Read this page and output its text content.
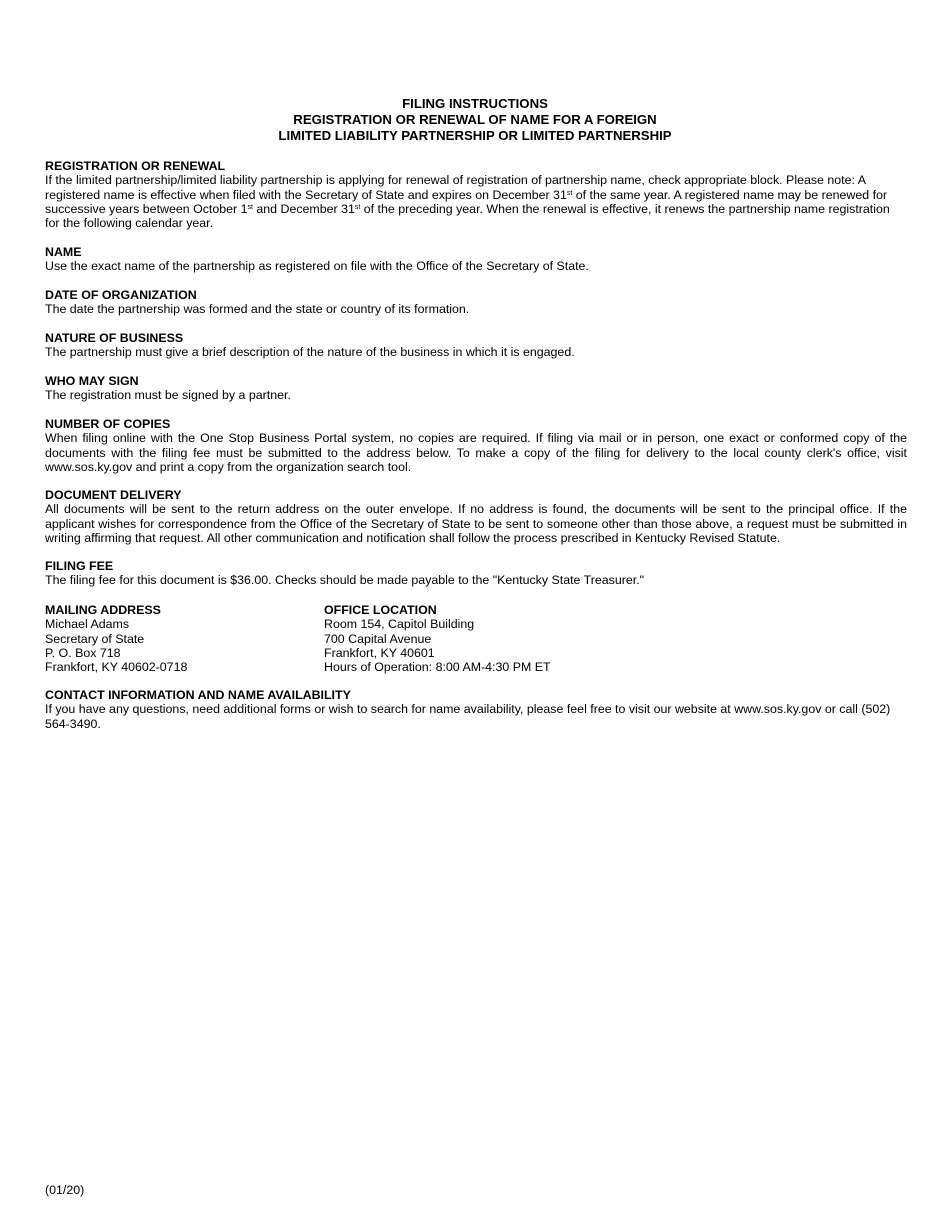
FILING INSTRUCTIONS
REGISTRATION OR RENEWAL OF NAME FOR A FOREIGN
LIMITED LIABILITY PARTNERSHIP OR LIMITED PARTNERSHIP
REGISTRATION OR RENEWAL
If the limited partnership/limited liability partnership is applying for renewal of registration of partnership name, check appropriate block. Please note: A registered name is effective when filed with the Secretary of State and expires on December 31st of the same year. A registered name may be renewed for successive years between October 1st and December 31st of the preceding year. When the renewal is effective, it renews the partnership name registration for the following calendar year.
NAME
Use the exact name of the partnership as registered on file with the Office of the Secretary of State.
DATE OF ORGANIZATION
The date the partnership was formed and the state or country of its formation.
NATURE OF BUSINESS
The partnership must give a brief description of the nature of the business in which it is engaged.
WHO MAY SIGN
The registration must be signed by a partner.
NUMBER OF COPIES
When filing online with the One Stop Business Portal system, no copies are required. If filing via mail or in person, one exact or conformed copy of the documents with the filing fee must be submitted to the address below. To make a copy of the filing for delivery to the local county clerk's office, visit www.sos.ky.gov and print a copy from the organization search tool.
DOCUMENT DELIVERY
All documents will be sent to the return address on the outer envelope. If no address is found, the documents will be sent to the principal office. If the applicant wishes for correspondence from the Office of the Secretary of State to be sent to someone other than those above, a request must be submitted in writing affirming that request. All other communication and notification shall follow the process prescribed in Kentucky Revised Statute.
FILING FEE
The filing fee for this document is $36.00. Checks should be made payable to the "Kentucky State Treasurer."
MAILING ADDRESS
Michael Adams
Secretary of State
P. O. Box 718
Frankfort, KY 40602-0718
OFFICE LOCATION
Room 154, Capitol Building
700 Capital Avenue
Frankfort, KY 40601
Hours of Operation: 8:00 AM-4:30 PM ET
CONTACT INFORMATION AND NAME AVAILABILITY
If you have any questions, need additional forms or wish to search for name availability, please feel free to visit our website at www.sos.ky.gov or call (502) 564-3490.
(01/20)
